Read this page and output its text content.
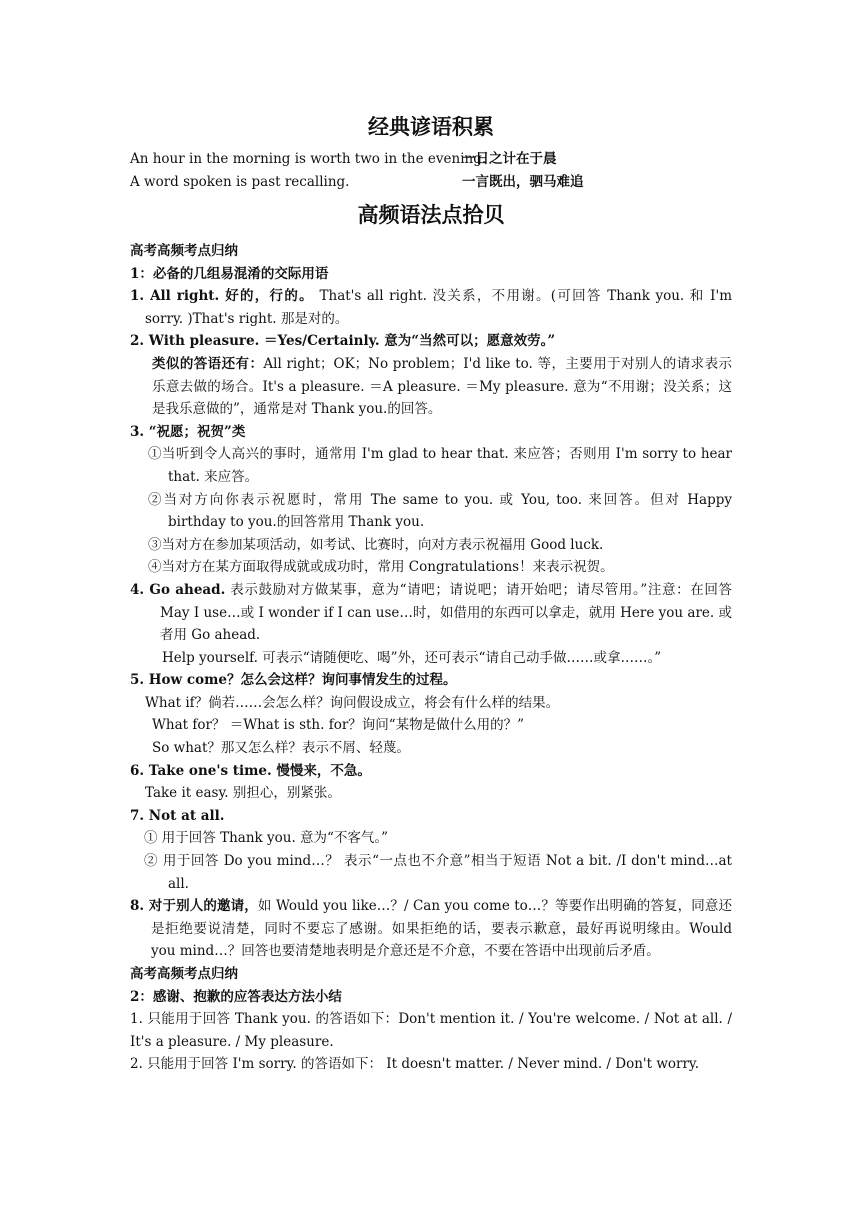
经典谚语积累
An hour in the morning is worth two in the evening.
一日之计在于晨
A word spoken is past recalling.	一言既出，驷马难追
高频语法点拾贝

高考高频考点归纳

1：必备的几组易混淆的交际用语

1. All right. 好的，行的。 That's all right. 没关系，不用谢。(可回答 Thank you. 和 I'm sorry. )That's right. 那是对的。

2. With pleasure. ＝Yes/Certainly. 意为“当然可以；愿意效劳。”

类似的答语还有：All right；OK；No problem；I'd like to. 等，主要用于对别人的请求表示乐意去做的场合。It's a pleasure. ＝A pleasure. ＝My pleasure. 意为“不用谢；没关系；这是我乐意做的”，通常是对 Thank you.的回答。

3. “祝愿；祝贺”类

①当听到令人高兴的事时，通常用 I'm glad to hear that. 来应答；否则用 I'm sorry to hear that. 来应答。

②当对方向你表示祝愿时，常用 The same to you. 或 You, too. 来回答。但对 Happy birthday to you.的回答常用 Thank you.

③当对方在参加某项活动，如考试、比赛时，向对方表示祝福用 Good luck.

④当对方在某方面取得成就或成功时，常用 Congratulations！来表示祝贺。

4. Go ahead. 表示鼓励对方做某事，意为“请吧；请说吧；请开始吧；请尽管用。”注意：在回答 May I use…或 I wonder if I can use…时，如借用的东西可以拿走，就用 Here you are. 或者用 Go ahead.

Help yourself. 可表示“请随便吃、喝”外，还可表示“请自己动手做……或拿……。”

5. How come？怎么会这样？询问事情发生的过程。

What if？倘若……会怎么样？询问假设成立，将会有什么样的结果。

What for？ ＝What is sth. for？询问“某物是做什么用的？”

So what？那又怎么样？表示不屑、轻蔑。

6. Take one's time. 慢慢来，不急。

Take it easy. 别担心，别紧张。

7. Not at all.

① 用于回答 Thank you. 意为“不客气。”

② 用于回答 Do you mind…？ 表示“一点也不介意”相当于短语 Not a bit. /I don't mind…at all.

8. 对于别人的邀请，如 Would you like…？/ Can you come to…？等要作出明确的答复，同意还是拒绝要说清楚，同时不要忘了感谢。如果拒绝的话，要表示歉意，最好再说明缘由。Would you mind…？回答也要清楚地表明是介意还是不介意，不要在答语中出现前后矛盾。

高考高频考点归纳

2：感谢、抱歉的应答表达方法小结

1. 只能用于回答 Thank you. 的答语如下：Don't mention it. / You're welcome. / Not at all. / It's a pleasure. / My pleasure.

2. 只能用于回答 I'm sorry. 的答语如下： It doesn't matter. / Never mind. / Don't worry.
